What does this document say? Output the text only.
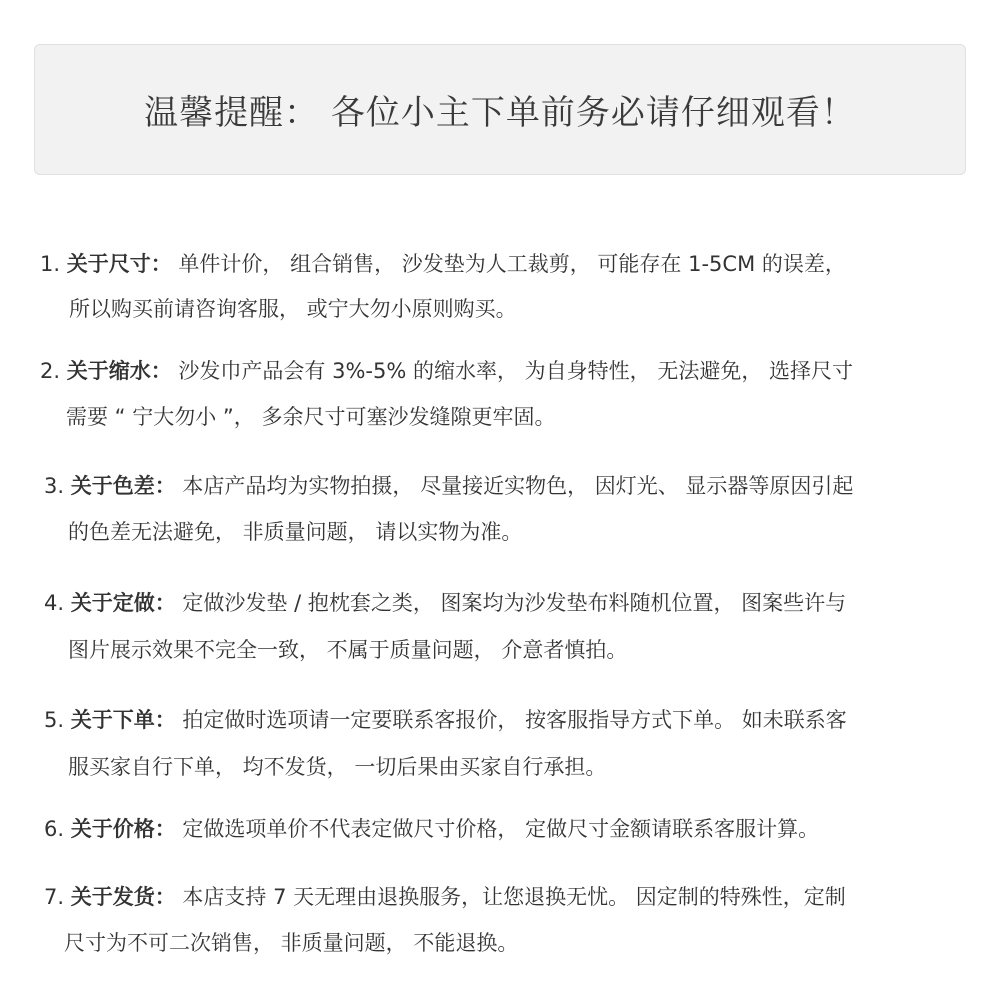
温馨提醒： 各位小主下单前务必请仔细观看！
1. 关于尺寸： 单件计价， 组合销售， 沙发垫为人工裁剪， 可能存在 1-5CM 的误差，
所以购买前请咨询客服， 或宁大勿小原则购买。
2. 关于缩水： 沙发巾产品会有 3%-5% 的缩水率， 为自身特性， 无法避免， 选择尺寸
需要 “ 宁大勿小 ”， 多余尺寸可塞沙发缝隙更牢固。
3. 关于色差： 本店产品均为实物拍摄， 尽量接近实物色， 因灯光、 显示器等原因引起
的色差无法避免， 非质量问题， 请以实物为准。
4. 关于定做： 定做沙发垫 / 抱枕套之类， 图案均为沙发垫布料随机位置， 图案些许与
图片展示效果不完全一致， 不属于质量问题， 介意者慎拍。
5. 关于下单： 拍定做时选项请一定要联系客报价， 按客服指导方式下单。 如未联系客
服买家自行下单， 均不发货， 一切后果由买家自行承担。
6. 关于价格： 定做选项单价不代表定做尺寸价格， 定做尺寸金额请联系客服计算。
7. 关于发货： 本店支持 7 天无理由退换服务，让您退换无忧。 因定制的特殊性，定制
尺寸为不可二次销售， 非质量问题， 不能退换。
